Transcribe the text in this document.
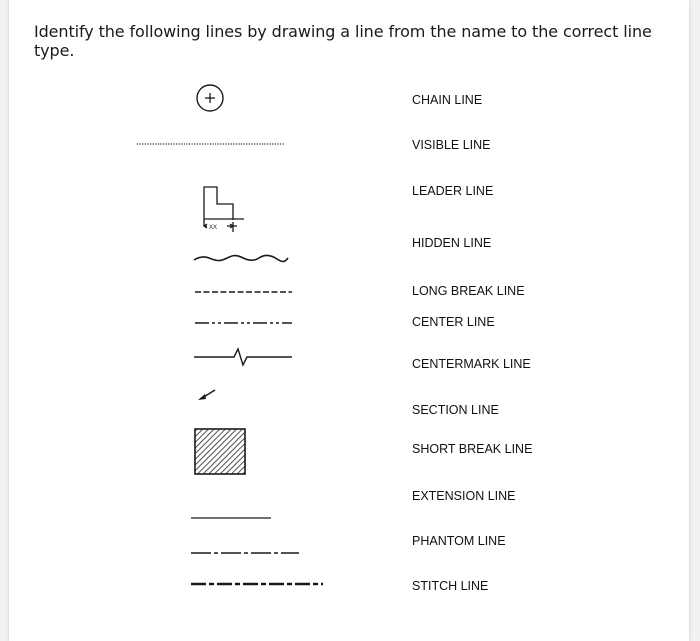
Identify the following lines by drawing a line from the name to the correct line type.
XX
CHAIN LINE
VISIBLE LINE
LEADER LINE
HIDDEN LINE
LONG BREAK LINE
CENTER LINE
CENTERMARK LINE
SECTION LINE
SHORT BREAK LINE
EXTENSION LINE
PHANTOM LINE
STITCH LINE
